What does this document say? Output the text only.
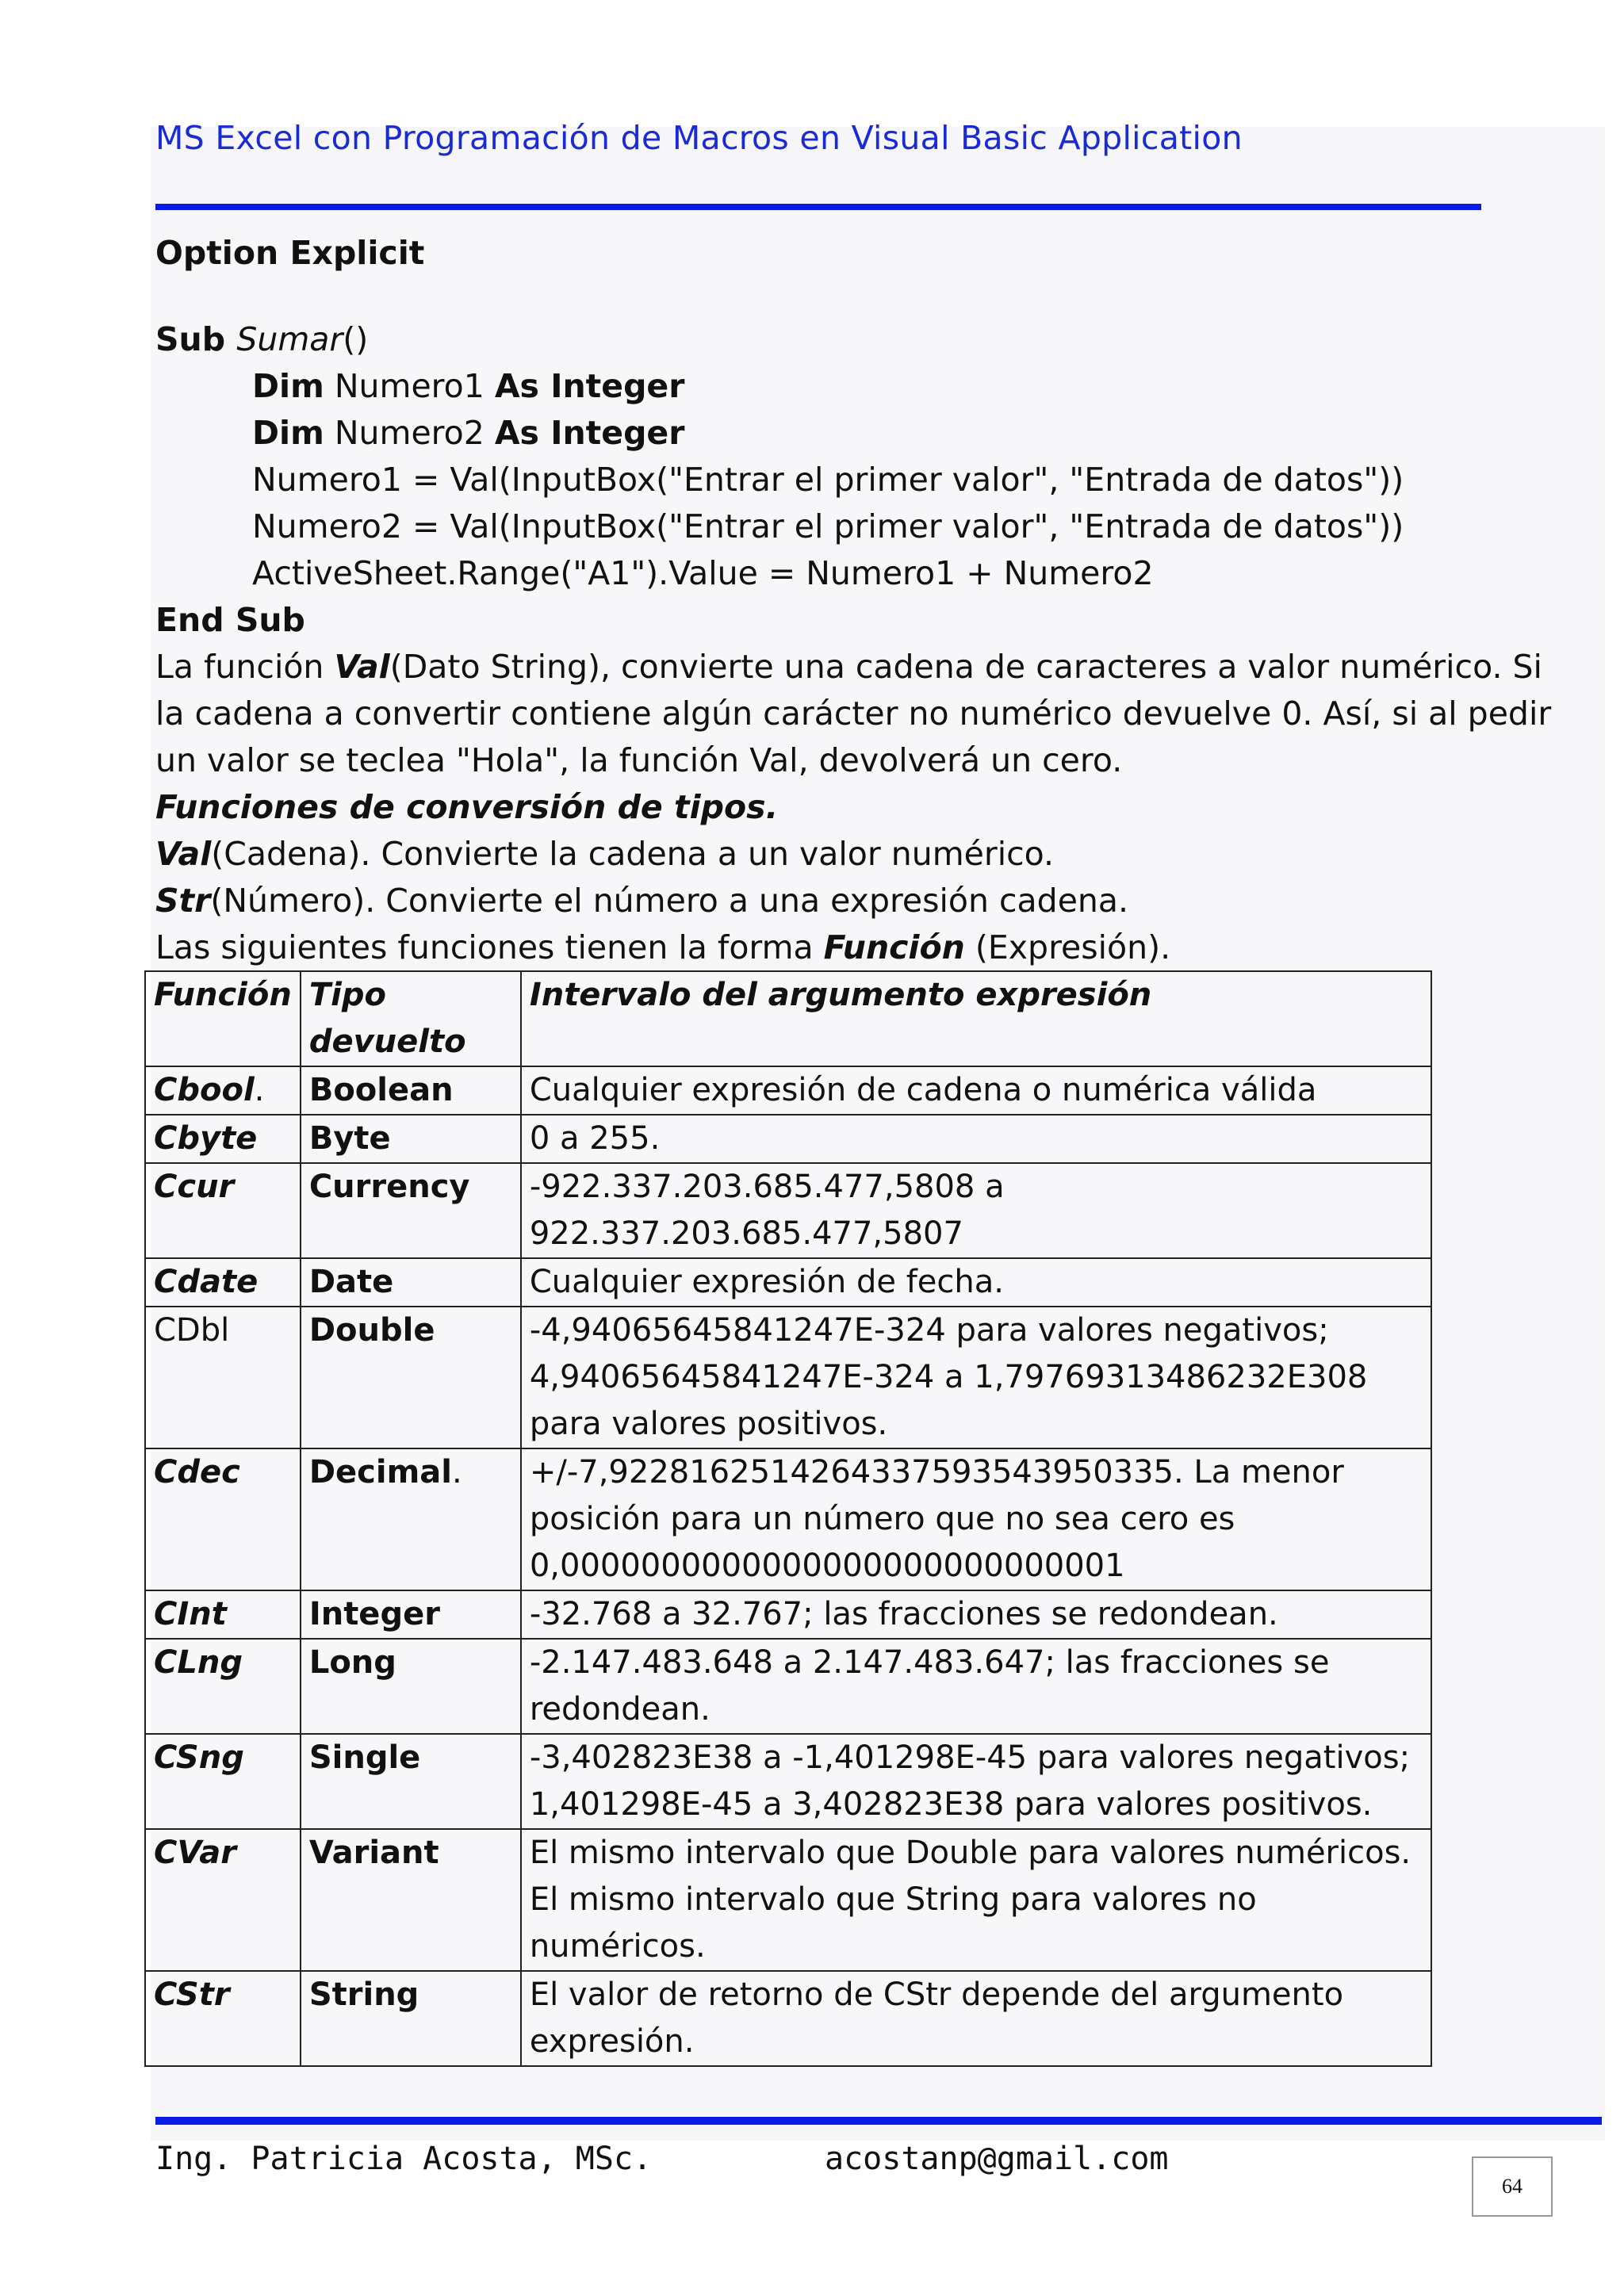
MS Excel con Programación de Macros en Visual Basic Application
Option Explicit
Sub Sumar()
Dim Numero1 As Integer
Dim Numero2 As Integer
Numero1 = Val(InputBox("Entrar el primer valor", "Entrada de datos"))
Numero2 = Val(InputBox("Entrar el primer valor", "Entrada de datos"))
ActiveSheet.Range("A1").Value = Numero1 + Numero2
End Sub
La función Val(Dato String), convierte una cadena de caracteres a valor numérico. Si
la cadena a convertir contiene algún carácter no numérico devuelve 0. Así, si al pedir
un valor se teclea "Hola", la función Val, devolverá un cero.
Funciones de conversión de tipos.
Val(Cadena). Convierte la cadena a un valor numérico.
Str(Número). Convierte el número a una expresión cadena.
Las siguientes funciones tienen la forma Función (Expresión).
Función	Tipo devuelto	Intervalo del argumento expresión
Cbool.	Boolean	Cualquier expresión de cadena o numérica válida
Cbyte	Byte	0 a 255.
Ccur	Currency	-922.337.203.685.477,5808 a 922.337.203.685.477,5807
Cdate	Date	Cualquier expresión de fecha.
CDbl	Double	-4,94065645841247E-324 para valores negativos; 4,94065645841247E-324 a 1,79769313486232E308 para valores positivos.
Cdec	Decimal.	+/-7,9228162514264337593543950335. La menor posición para un número que no sea cero es 0,0000000000000000000000000001
CInt	Integer	-32.768 a 32.767; las fracciones se redondean.
CLng	Long	-2.147.483.648 a 2.147.483.647; las fracciones se redondean.
CSng	Single	-3,402823E38 a -1,401298E-45 para valores negativos; 1,401298E-45 a 3,402823E38 para valores positivos.
CVar	Variant	El mismo intervalo que Double para valores numéricos. El mismo intervalo que String para valores no numéricos.
CStr	String	El valor de retorno de CStr depende del argumento expresión.
Ing. Patricia Acosta, MSc.	acostanp@gmail.com
64
